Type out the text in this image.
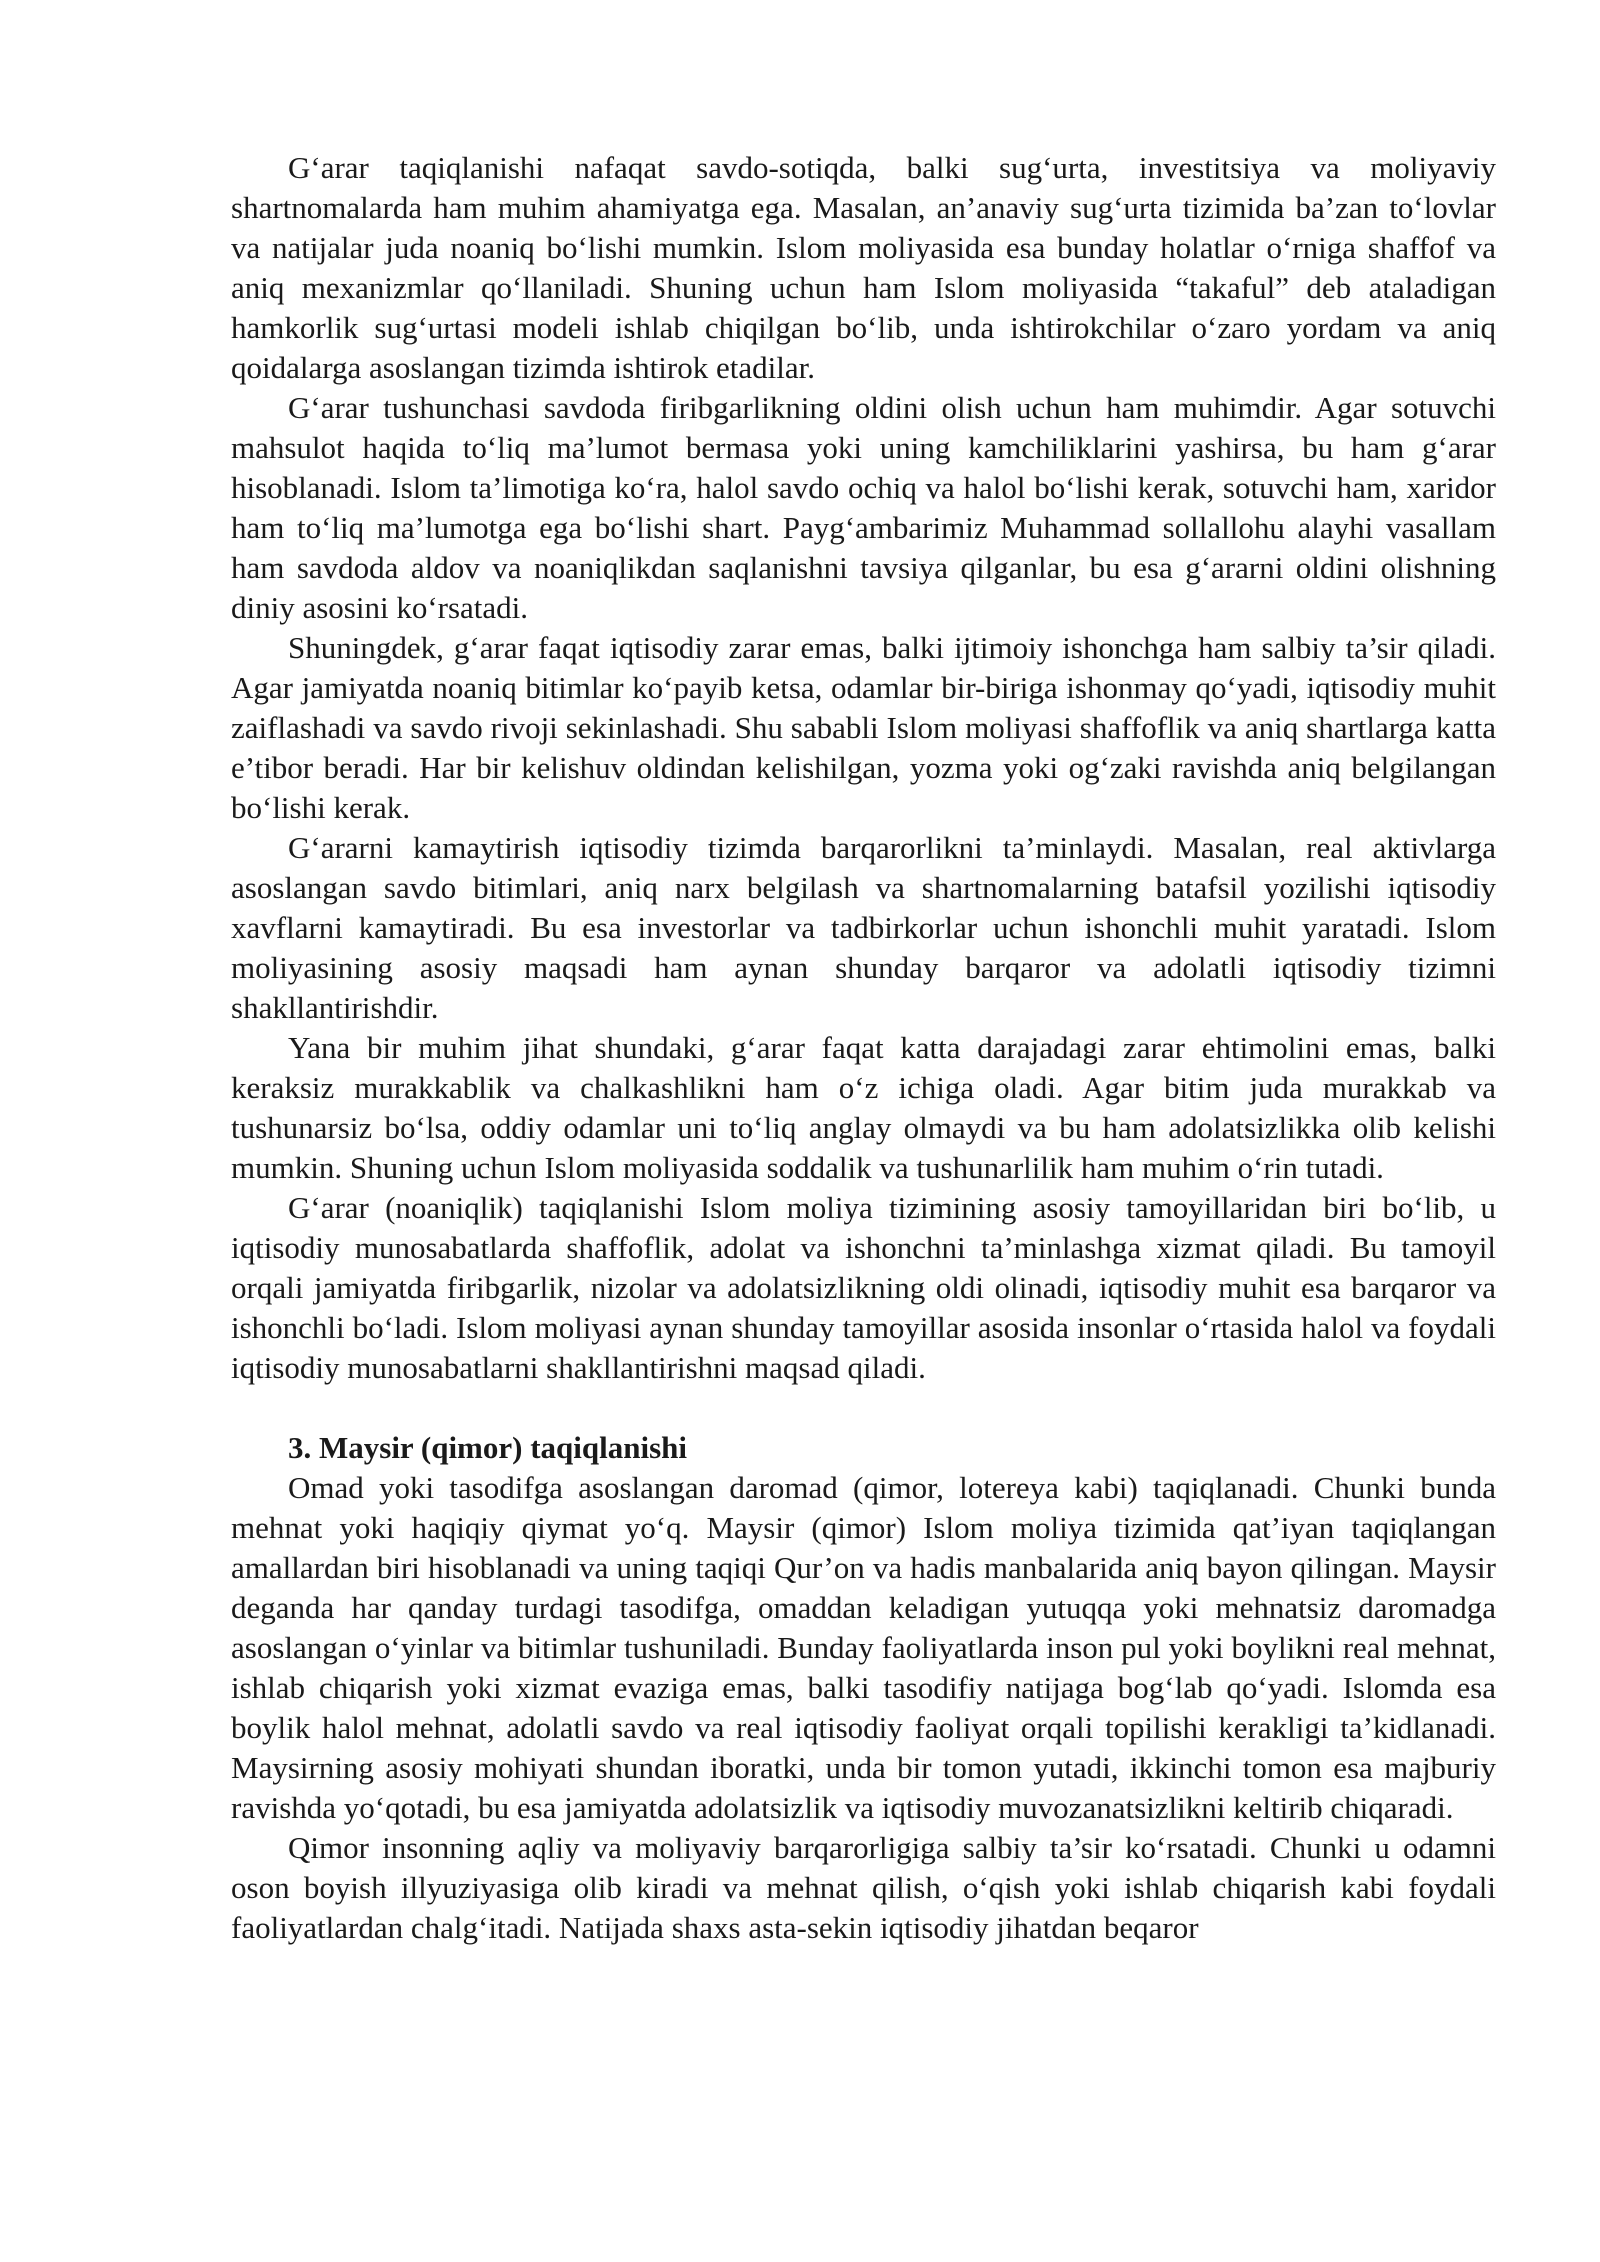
G‘arar taqiqlanishi nafaqat savdo-sotiqda, balki sug‘urta, investitsiya va moliyaviy shartnomalarda ham muhim ahamiyatga ega. Masalan, an’anaviy sug‘urta tizimida ba’zan to‘lovlar va natijalar juda noaniq bo‘lishi mumkin. Islom moliyasida esa bunday holatlar o‘rniga shaffof va aniq mexanizmlar qo‘llaniladi. Shuning uchun ham Islom moliyasida “takaful” deb ataladigan hamkorlik sug‘urtasi modeli ishlab chiqilgan bo‘lib, unda ishtirokchilar o‘zaro yordam va aniq qoidalarga asoslangan tizimda ishtirok etadilar.

G‘arar tushunchasi savdoda firibgarlikning oldini olish uchun ham muhimdir. Agar sotuvchi mahsulot haqida to‘liq ma’lumot bermasa yoki uning kamchiliklarini yashirsa, bu ham g‘arar hisoblanadi. Islom ta’limotiga ko‘ra, halol savdo ochiq va halol bo‘lishi kerak, sotuvchi ham, xaridor ham to‘liq ma’lumotga ega bo‘lishi shart. Payg‘ambarimiz Muhammad sollallohu alayhi vasallam ham savdoda aldov va noaniqlikdan saqlanishni tavsiya qilganlar, bu esa g‘ararni oldini olishning diniy asosini ko‘rsatadi.

Shuningdek, g‘arar faqat iqtisodiy zarar emas, balki ijtimoiy ishonchga ham salbiy ta’sir qiladi. Agar jamiyatda noaniq bitimlar ko‘payib ketsa, odamlar bir-biriga ishonmay qo‘yadi, iqtisodiy muhit zaiflashadi va savdo rivoji sekinlashadi. Shu sababli Islom moliyasi shaffoflik va aniq shartlarga katta e’tibor beradi. Har bir kelishuv oldindan kelishilgan, yozma yoki og‘zaki ravishda aniq belgilangan bo‘lishi kerak.

G‘ararni kamaytirish iqtisodiy tizimda barqarorlikni ta’minlaydi. Masalan, real aktivlarga asoslangan savdo bitimlari, aniq narx belgilash va shartnomalarning batafsil yozilishi iqtisodiy xavflarni kamaytiradi. Bu esa investorlar va tadbirkorlar uchun ishonchli muhit yaratadi. Islom moliyasining asosiy maqsadi ham aynan shunday barqaror va adolatli iqtisodiy tizimni shakllantirishdir.

Yana bir muhim jihat shundaki, g‘arar faqat katta darajadagi zarar ehtimolini emas, balki keraksiz murakkablik va chalkashlikni ham o‘z ichiga oladi. Agar bitim juda murakkab va tushunarsiz bo‘lsa, oddiy odamlar uni to‘liq anglay olmaydi va bu ham adolatsizlikka olib kelishi mumkin. Shuning uchun Islom moliyasida soddalik va tushunarlilik ham muhim o‘rin tutadi.

G‘arar (noaniqlik) taqiqlanishi Islom moliya tizimining asosiy tamoyillaridan biri bo‘lib, u iqtisodiy munosabatlarda shaffoflik, adolat va ishonchni ta’minlashga xizmat qiladi. Bu tamoyil orqali jamiyatda firibgarlik, nizolar va adolatsizlikning oldi olinadi, iqtisodiy muhit esa barqaror va ishonchli bo‘ladi. Islom moliyasi aynan shunday tamoyillar asosida insonlar o‘rtasida halol va foydali iqtisodiy munosabatlarni shakllantirishni maqsad qiladi.

3. Maysir (qimor) taqiqlanishi

Omad yoki tasodifga asoslangan daromad (qimor, lotereya kabi) taqiqlanadi. Chunki bunda mehnat yoki haqiqiy qiymat yo‘q. Maysir (qimor) Islom moliya tizimida qat’iyan taqiqlangan amallardan biri hisoblanadi va uning taqiqi Qur’on va hadis manbalarida aniq bayon qilingan. Maysir deganda har qanday turdagi tasodifga, omaddan keladigan yutuqqa yoki mehnatsiz daromadga asoslangan o‘yinlar va bitimlar tushuniladi. Bunday faoliyatlarda inson pul yoki boylikni real mehnat, ishlab chiqarish yoki xizmat evaziga emas, balki tasodifiy natijaga bog‘lab qo‘yadi. Islomda esa boylik halol mehnat, adolatli savdo va real iqtisodiy faoliyat orqali topilishi kerakligi ta’kidlanadi. Maysirning asosiy mohiyati shundan iboratki, unda bir tomon yutadi, ikkinchi tomon esa majburiy ravishda yo‘qotadi, bu esa jamiyatda adolatsizlik va iqtisodiy muvozanatsizlikni keltirib chiqaradi.

Qimor insonning aqliy va moliyaviy barqarorligiga salbiy ta’sir ko‘rsatadi. Chunki u odamni oson boyish illyuziyasiga olib kiradi va mehnat qilish, o‘qish yoki ishlab chiqarish kabi foydali faoliyatlardan chalg‘itadi. Natijada shaxs asta-sekin iqtisodiy jihatdan beqaror
